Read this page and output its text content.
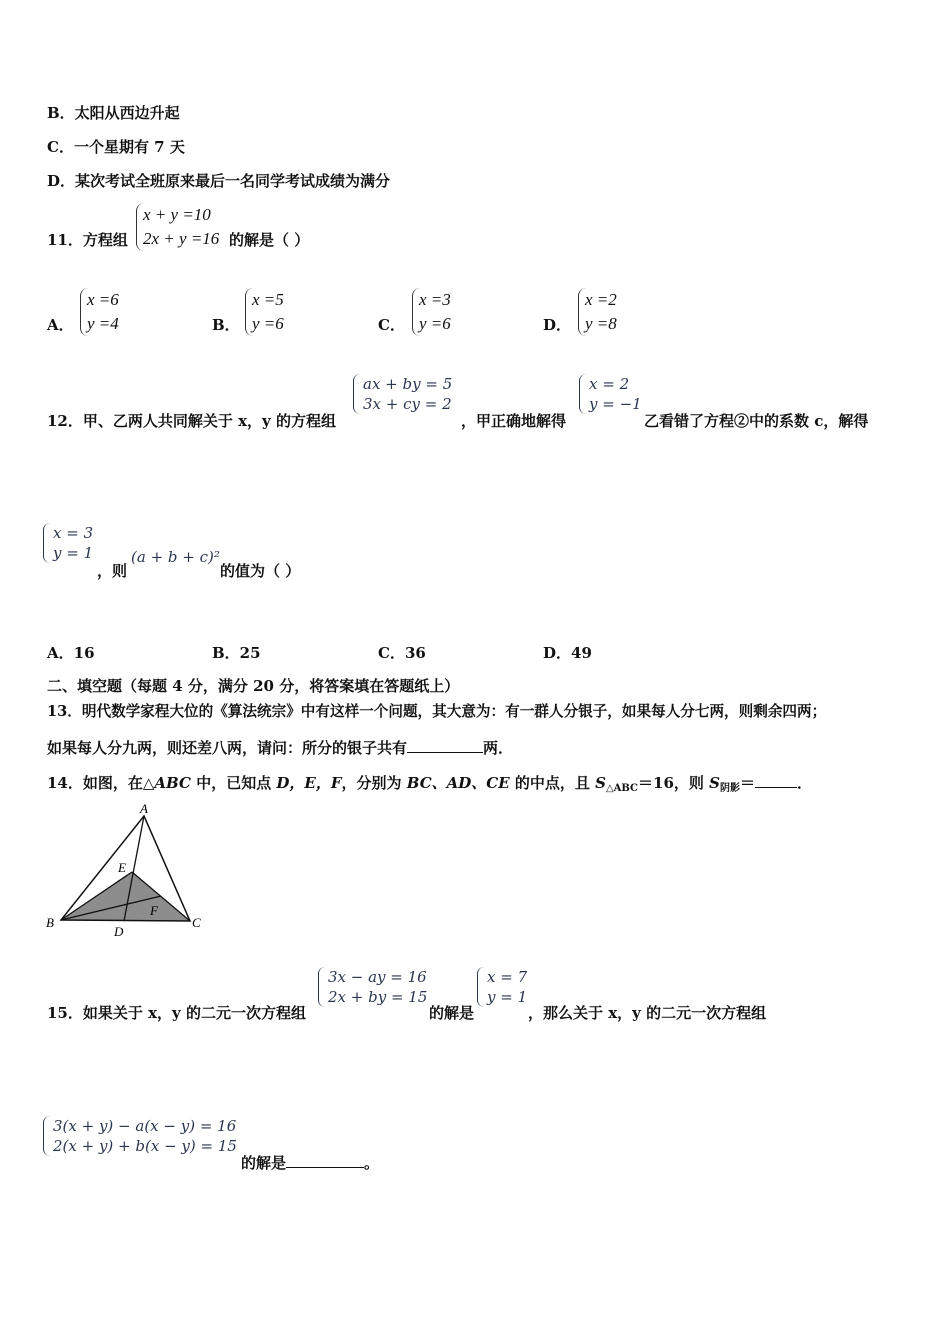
B．太阳从西边升起
C．一个星期有 7 天
D．某次考试全班原来最后一名同学考试成绩为满分
11．方程组
x + y =10
2x + y =16 的解是（ ）
A．
x =6
y =4	B．
x =5
y =6	C．
x =3
y =6	D．
x =2
y =8
12．甲、乙两人共同解关于 x，y 的方程组
ax + by = 5
3x + cy = 2
，甲正确地解得
x = 2
y = −1
乙看错了方程②中的系数 c，解得
x = 3
y = 1
，则
(a + b + c)²
的值为（ ）
A．16	B．25	C．36	D．49
二、填空题（每题 4 分，满分 20 分，将答案填在答题纸上）
13．明代数学家程大位的《算法统宗》中有这样一个问题，其大意为：有一群人分银子，如果每人分七两，则剩余四两；
如果每人分九两，则还差八两，请问：所分的银子共有	两．
14．如图，在△ABC 中，已知点 D，E，F，分别为 BC、AD、CE 的中点，且 $S_{\triangle ABC}=16$，则 $S_{阴影}=$	．
A
B	C
D
E
F
15．如果关于 x，y 的二元一次方程组
3x − ay = 16
2x + by = 15
的解是
x = 7
y = 1
，那么关于 x，y 的二元一次方程组
3(x + y) − a(x − y) = 16
2(x + y) + b(x − y) = 15
的解是	。
